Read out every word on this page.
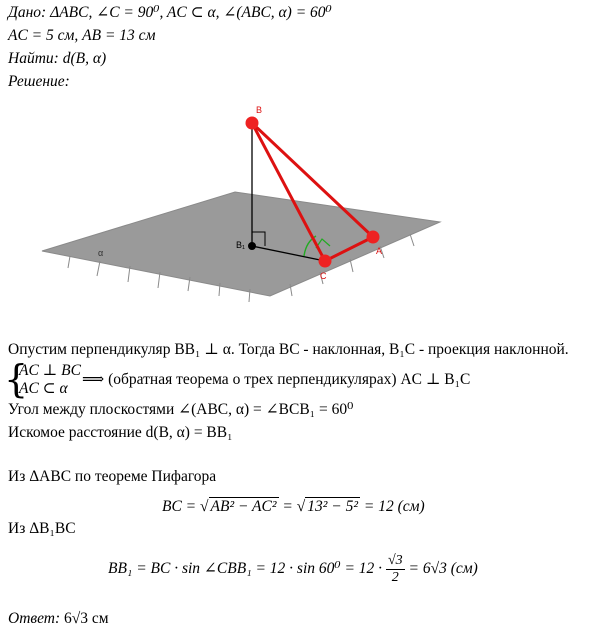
Дано: ΔABC, ∠C = 90⁰, AC ⊂ α, ∠(ABC, α) = 60⁰
AC = 5 см, AB = 13 см
Найти: d(B, α)
Решение:
α
B
A
C
B₁
Опустим перпендикуляр BB₁ ⊥ α. Тогда BC - наклонная, B₁C - проекция наклонной.
{
AC ⊥ BC
AC ⊂ α
⟹ (обратная теорема о трех перпендикулярах) AC ⊥ B₁C
Угол между плоскостями ∠(ABC, α) = ∠BCB₁ = 60⁰
Искомое расстояние d(B, α) = BB₁
Из ΔABC по теореме Пифагора
BC = √ AB² − AC² = √ 13² − 5² = 12 (см)
Из ΔB₁BC
BB₁ = BC · sin ∠CBB₁ = $12 \cdot \sin 60^0 = 12 \cdot \frac{√3}{2} = 6√3$ (см)
Ответ: 6√3 см
